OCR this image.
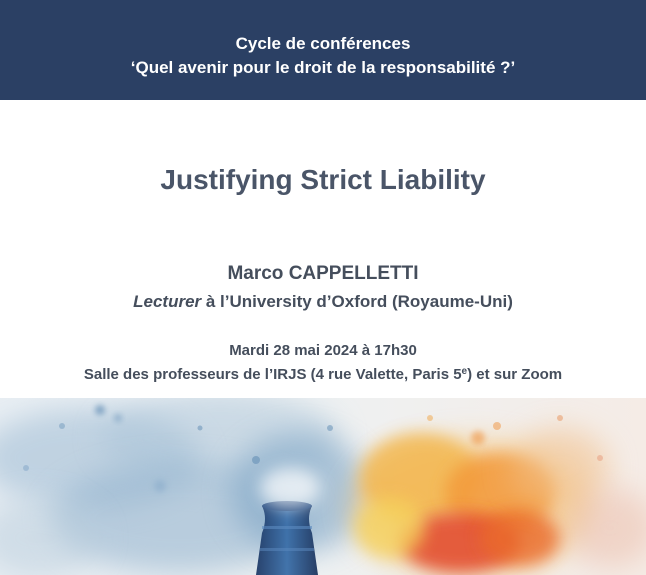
Cycle de conférences
‘Quel avenir pour le droit de la responsabilité ?’
Justifying Strict Liability
Marco CAPPELLETTI
Lecturer à l’University d’Oxford (Royaume-Uni)
Mardi 28 mai 2024 à 17h30
Salle des professeurs de l’IRJS (4 rue Valette, Paris 5e) et sur Zoom
